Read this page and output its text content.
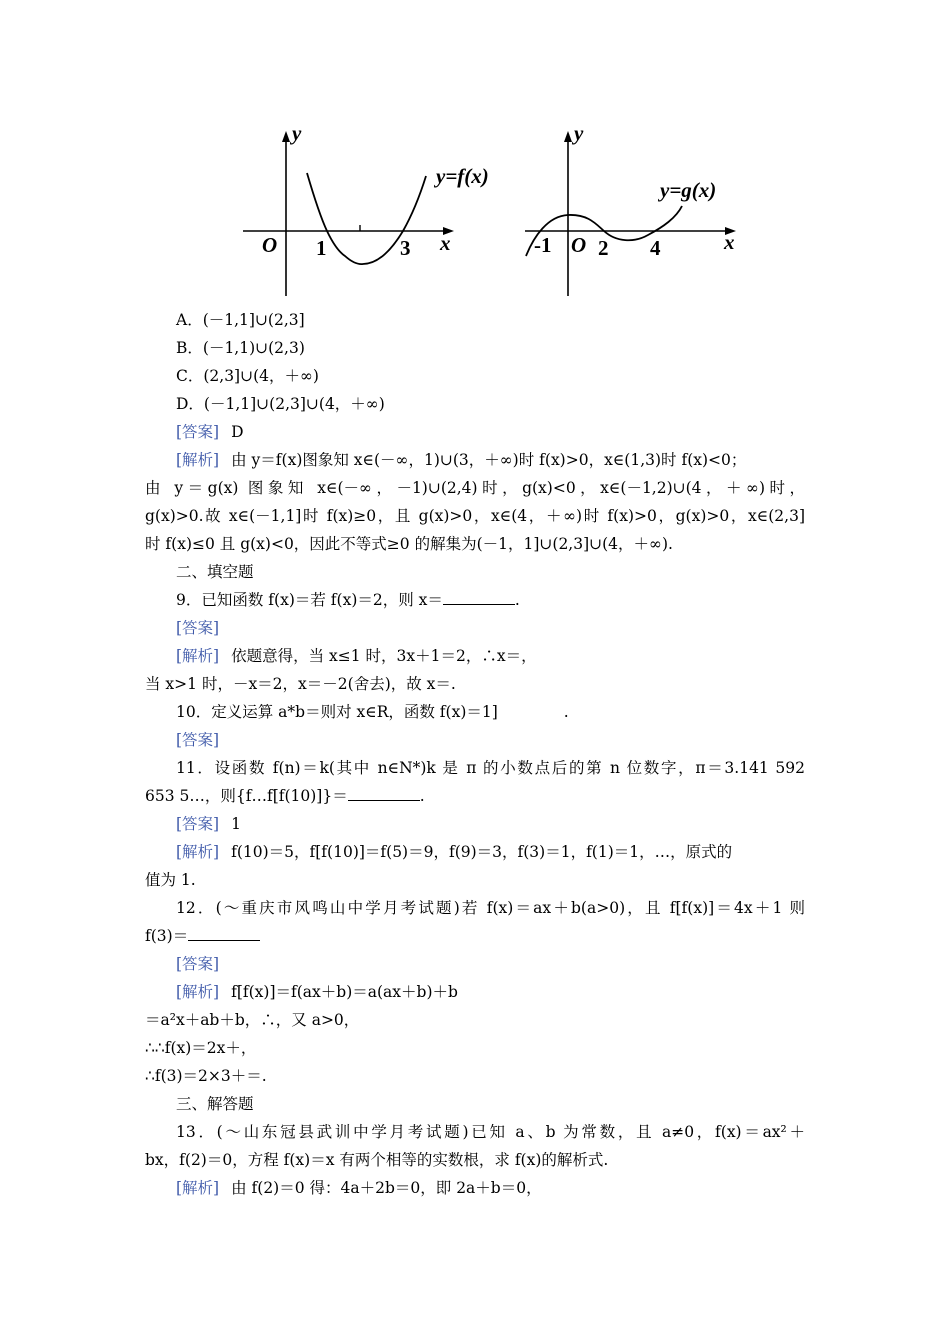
y
x
O 1	3
y=f(x)
y
x
O
-1 2 4
y=g(x)
A．(－1,1]∪(2,3]
B．(－1,1)∪(2,3)
C．(2,3]∪(4，＋∞)
D．(－1,1]∪(2,3]∪(4，＋∞)
[答案] D
[解析] 由 y＝f(x)图象知 x∈(－∞，1)∪(3，＋∞)时 f(x)>0，x∈(1,3)时 f(x)<0；
由 y＝g(x) 图象知 x∈(－∞，－1)∪(2,4)时，g(x)<0，x∈(－1,2)∪(4，＋∞)时，
g(x)>0.故 x∈(－1,1]时 f(x)≥0，且 g(x)>0，x∈(4，＋∞)时 f(x)>0，g(x)>0，x∈(2,3]
时 f(x)≤0 且 g(x)<0，因此不等式≥0 的解集为(－1，1]∪(2,3]∪(4，＋∞).
二、填空题
9．已知函数 f(x)＝若 f(x)＝2，则 x＝	.
[答案]
[解析] 依题意得，当 x≤1 时，3x＋1＝2，∴x＝，
当 x>1 时，－x＝2，x＝－2(舍去)，故 x＝.
10．定义运算 a*b＝则对 x∈R，函数 f(x)＝1]	.
[答案]
11．设函数 f(n)＝k(其中 n∈N*)k 是 π 的小数点后的第 n 位数字，π＝3.141 592
653 5…，则{f…f[f(10)]}＝	.
[答案] 1
[解析] f(10)＝5，f[f(10)]＝f(5)＝9，f(9)＝3，f(3)＝1，f(1)＝1，…，原式的
值为 1.
12．(～重庆市风鸣山中学月考试题)若 f(x)＝ax＋b(a>0)，且 f[f(x)]＝4x＋1 则
f(3)＝
[答案]
[解析] f[f(x)]＝f(ax＋b)＝a(ax＋b)＋b
＝a²x＋ab＋b，∴，又 a>0，
∴∴f(x)＝2x＋，
∴f(3)＝2×3＋＝.
三、解答题
13．(～山东冠县武训中学月考试题)已知 a、b 为常数，且 a≠0，f(x)＝ax²＋
bx，f(2)＝0，方程 f(x)＝x 有两个相等的实数根，求 f(x)的解析式.
[解析] 由 f(2)＝0 得：4a＋2b＝0，即 2a＋b＝0，
